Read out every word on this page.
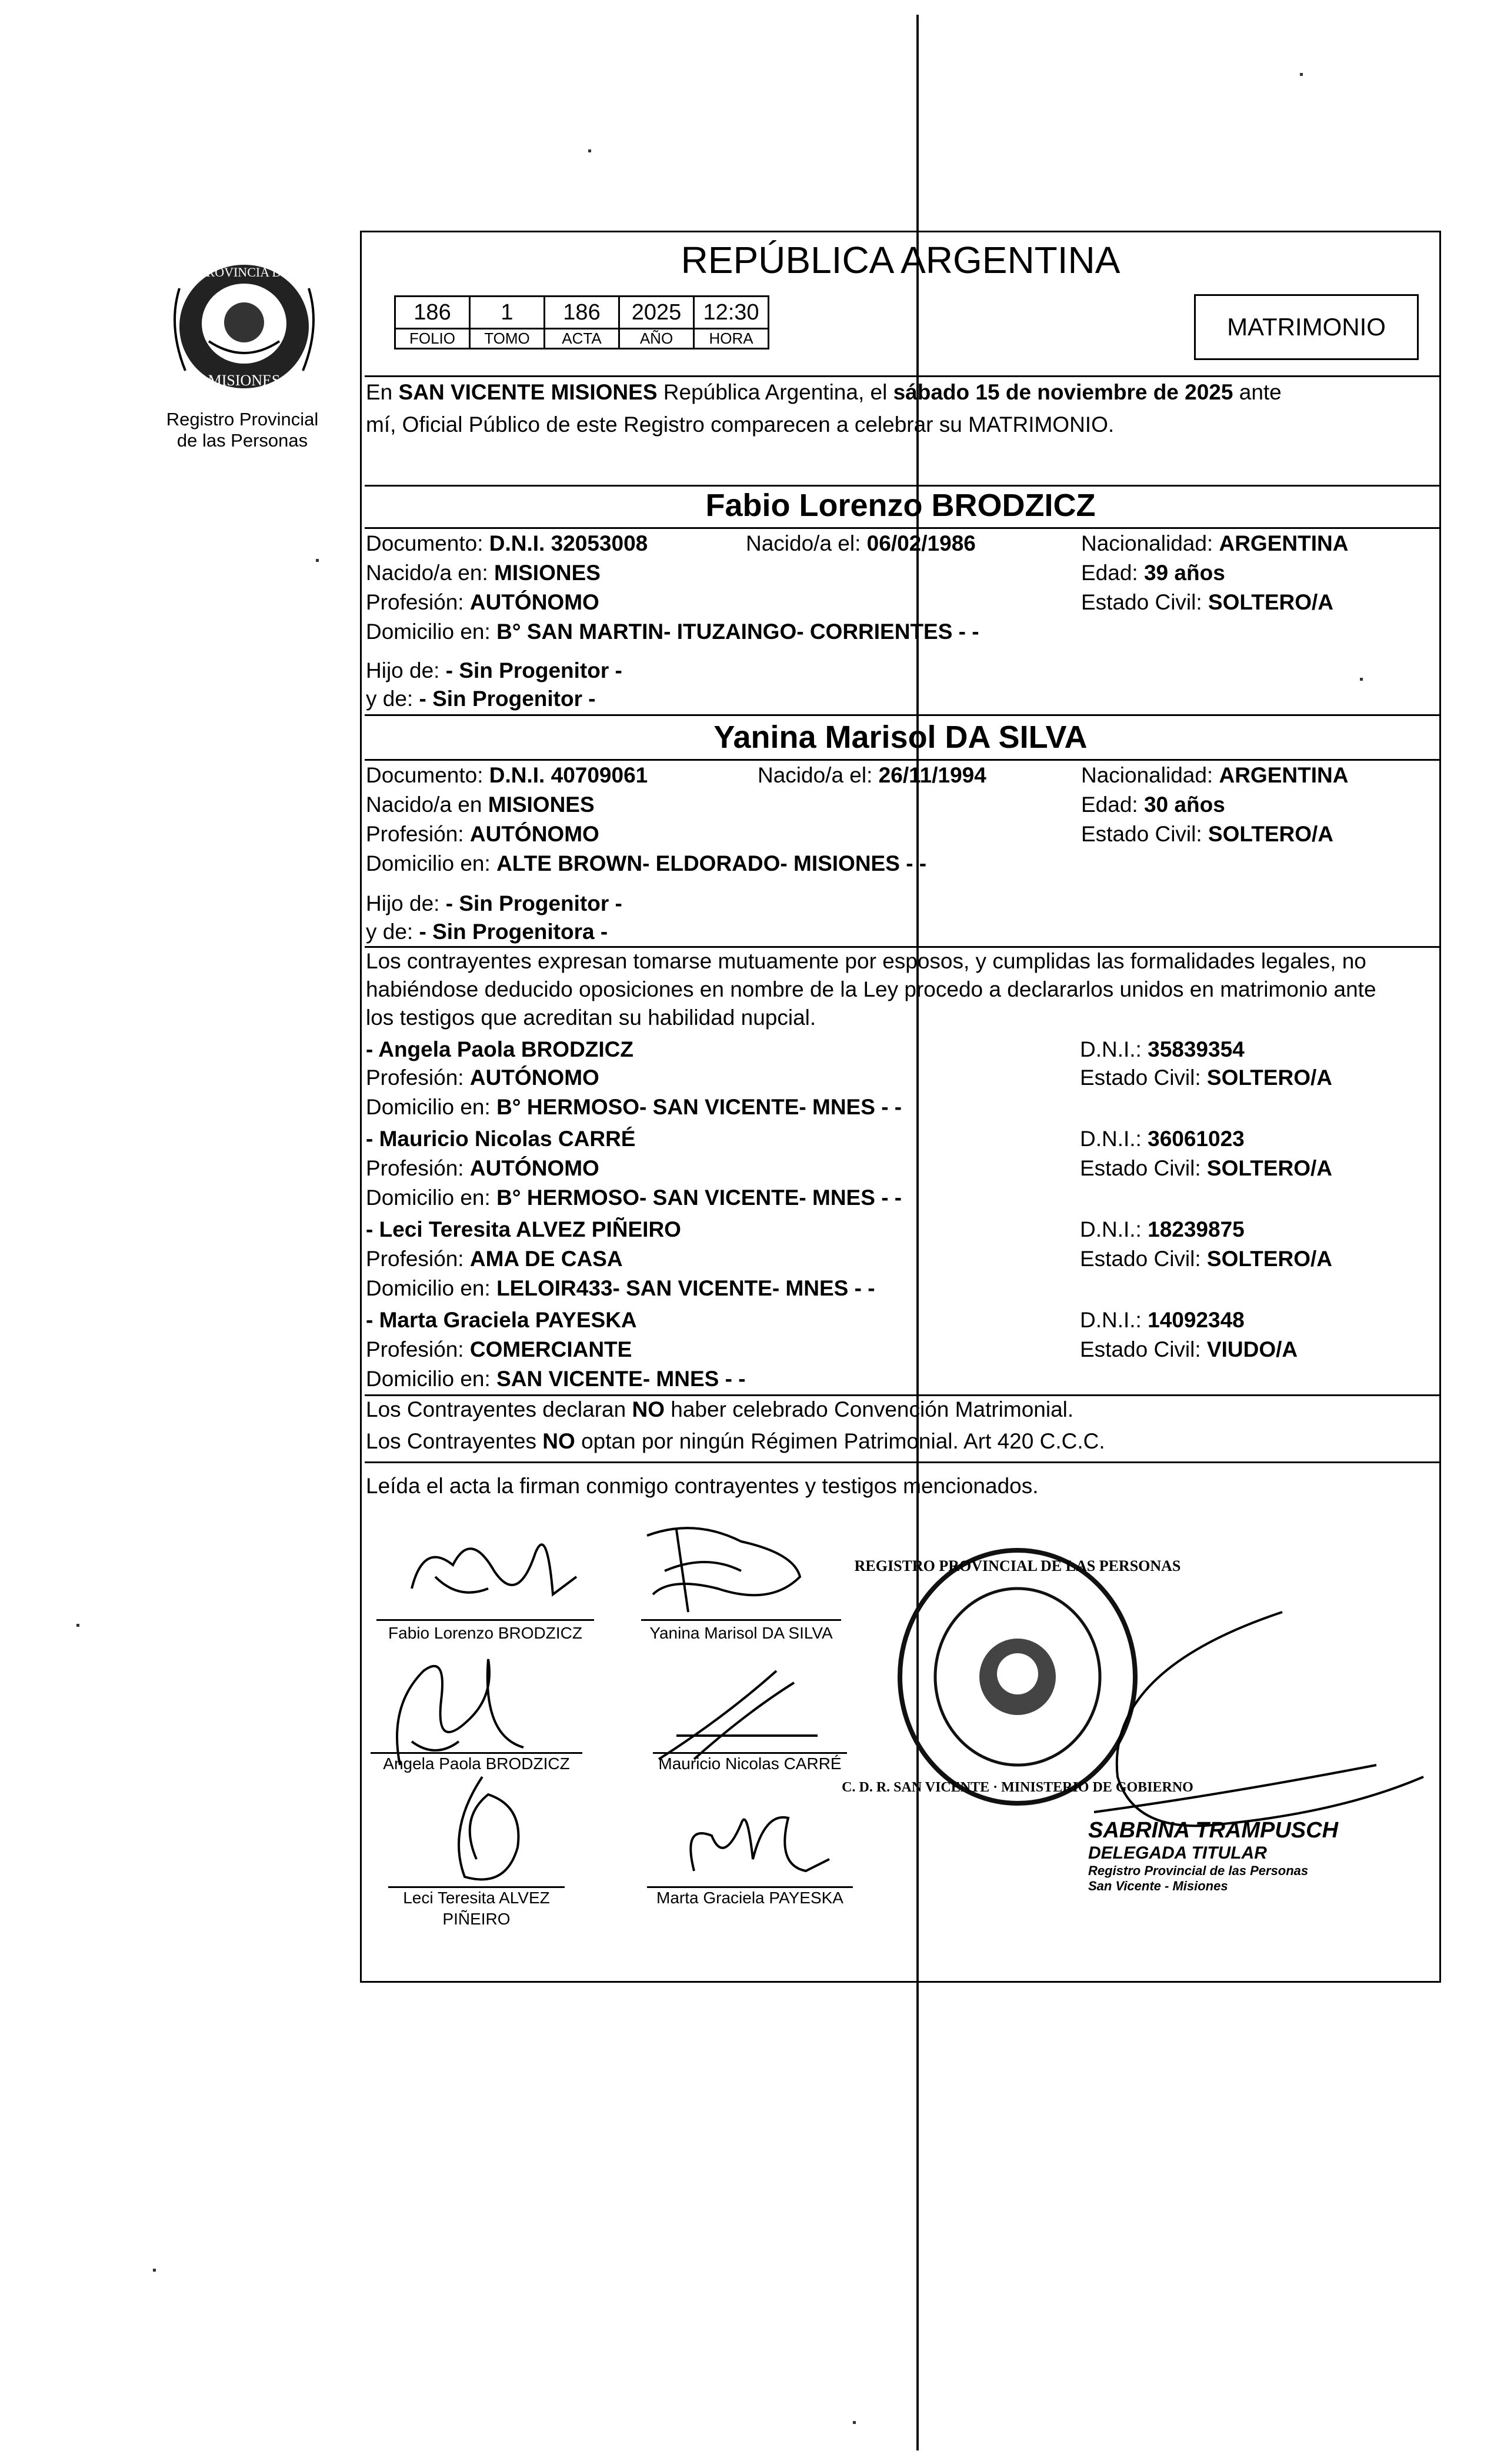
PROVINCIA DE
MISIONES
Registro Provincial de las Personas
REPÚBLICA ARGENTINA
186	1	186	2025	12:30
FOLIO	TOMO	ACTA	AÑO	HORA	MATRIMONIO
En SAN VICENTE MISIONES República Argentina, el sábado 15 de noviembre de 2025 ante
mí, Oficial Público de este Registro comparecen a celebrar su MATRIMONIO.
Fabio Lorenzo BRODZICZ
Documento: D.N.I. 32053008	Nacido/a el: 06/02/1986	Nacionalidad: ARGENTINA
Nacido/a en: MISIONES	Edad: 39 años
Profesión: AUTÓNOMO	Estado Civil: SOLTERO/A
Domicilio en: B° SAN MARTIN- ITUZAINGO- CORRIENTES - -
Hijo de: - Sin Progenitor -
y de: - Sin Progenitor -
Yanina Marisol DA SILVA
Documento: D.N.I. 40709061	Nacido/a el: 26/11/1994	Nacionalidad: ARGENTINA
Nacido/a en MISIONES	Edad: 30 años
Profesión: AUTÓNOMO	Estado Civil: SOLTERO/A
Domicilio en: ALTE BROWN- ELDORADO- MISIONES - -
Hijo de: - Sin Progenitor -
y de: - Sin Progenitora -
Los contrayentes expresan tomarse mutuamente por esposos, y cumplidas las formalidades legales, no
habiéndose deducido oposiciones en nombre de la Ley procedo a declararlos unidos en matrimonio ante
los testigos que acreditan su habilidad nupcial.
- Angela Paola BRODZICZ	D.N.I.: 35839354
Profesión: AUTÓNOMO	Estado Civil: SOLTERO/A
Domicilio en: B° HERMOSO- SAN VICENTE- MNES - -
- Mauricio Nicolas CARRÉ	D.N.I.: 36061023
Profesión: AUTÓNOMO	Estado Civil: SOLTERO/A
Domicilio en: B° HERMOSO- SAN VICENTE- MNES - -
- Leci Teresita ALVEZ PIÑEIRO	D.N.I.: 18239875
Profesión: AMA DE CASA	Estado Civil: SOLTERO/A
Domicilio en: LELOIR433- SAN VICENTE- MNES - -
- Marta Graciela PAYESKA	D.N.I.: 14092348
Profesión: COMERCIANTE	Estado Civil: VIUDO/A
Domicilio en: SAN VICENTE- MNES - -
Los Contrayentes declaran NO haber celebrado Convención Matrimonial.
Los Contrayentes NO optan por ningún Régimen Patrimonial. Art 420 C.C.C.
Leída el acta la firman conmigo contrayentes y testigos mencionados.
Fabio Lorenzo BRODZICZ	Yanina Marisol DA SILVA
Angela Paola BRODZICZ	Mauricio Nicolas CARRÉ
Leci Teresita ALVEZ
PIÑEIRO
Marta Graciela PAYESKA
REGISTRO PROVINCIAL DE LAS PERSONAS
C. D. R. SAN VICENTE · MINISTERIO DE GOBIERNO
SABRINA TRAMPUSCH
DELEGADA TITULAR
Registro Provincial de las Personas
San Vicente - Misiones
